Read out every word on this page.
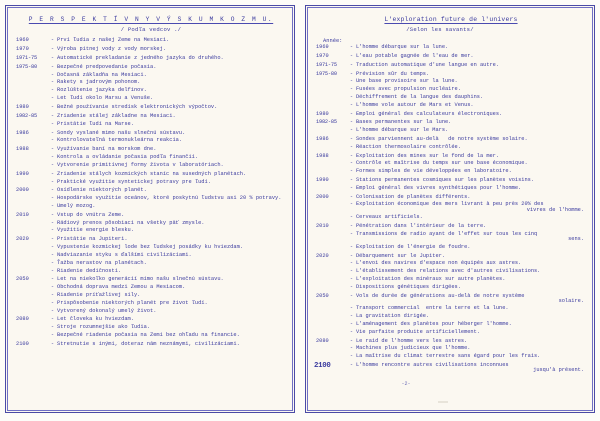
P E R S P E K T Í V N Y V Ý S K U M K O Z M U.
/ Podľa vedcov ./
1969	- Prví ľudia z našej Zeme na Mesiaci.
1970	- Výroba pitnej vody z vody morskej.
1971-75	- Automatické prekladanie z jedného jazyka do druhého.
1975-80	- Bezpečné predpovedanie počasia.
- Dočasná základňa na Mesiaci.
- Rakety s jadrovým pohonom.
- Rozlúštenie jazyka delfínov.
- Let ľudí okolo Marsu a Venuše.
1980	- Bežné používanie stredísk elektronických výpočtov.
1982-85	- Zriadenie stálej základne na Mesiaci.
- Pristátie ľudí na Marse.
1986	- Sondy vyslané mimo našu slnečnú sústavu.
- Kontrolovateľná termonukleárna reakcia.
1988	- Využívanie baní na morskom dne.
- Kontrola a ovládanie počasia podľa finančií.
- Vytvorenie primitívnej formy života v laboratóriach.
1990	- Zriadenie stálych kozmických staníc na susedných planétach.
- Praktické využitie syntetickej potravy pre ľudí.
2000	- Osídlenie niektorých planét.
- Hospodárske využitie oceánov, ktoré poskytnú ľudstvu asi 20 % potravy.
- Umelý mozog.
2010	- Vstup do vnútra Zeme.
- Rádiový prenos pôsobiaci na všetky päť zmysle.
- Využitie energie blesku.
2020	- Pristátie na Jupiteri.
- Vypustenie kozmickej lode bez ľudskej posádky ku hviezdam.
- Nadviazanie styku s ďalšími civilizáciami.
- Ťažba nerastov na planétach.
- Riadenie dedičnosti.
2050	- Let na niekoľko generácií mimo našu slnečnú sústavu.
- Obchodná doprava medzi Zemou a Mesiacom.
- Riadenie príťažlivej sily.
- Prispôsobenie niektorých planét pre život ľudí.
- Vytvorený dokonalý umelý život.
2080	- Let človeka ku hviezdam.
- Stroje rozumnejšie ako ľudia.
- Bezpečné riadenie počasia na Zemi bez ohľadu na financie.
2100	- Stretnutie s inými, doteraz nám neznámymi, civilizáciami.
L'exploration future de l'univers
/Selon les savants/
Année:
1969	- L'homme débarque sur la lune.
1970	- L'eau potable gagnée de l'eau de mer.
1971-75	- Traduction automatique d'une langue en autre.
1975-80	- Prévision sûr du temps.
- Une base provisoire sur la lune.
- Fusées avec propulsion nucléaire.
- Déchiffrement de la langue des dauphins.
- L'homme vole autour de Mars et Venus.
1980	- Emploi général des calculateurs électroniques.
1982-85	- Bases permanentes sur la lune.
- L'homme débarque sur le Mars.
1986	- Sondes parviennent au-delà   de notre système solaire.
- Réaction thermosolaire contrôlée.
1988	- Exploitation des mines sur le fond de la mer.
- Contrôle et maîtrise du temps sur une base économique.
- Formes simples de vie développées en laboratoire.
1990	- Stations permanentes cosmiques sur les planètes voisins.
- Emploi général des vivres synthétiques pour l'homme.
2000	- Colonisation de planètes différents.
- Exploitation économique des mers livrant à peu près 20% des
vivres de l'homme.
- Cerveaux artificiels.
2010	- Pénétration dans l'intérieur de la terre.
- Transmissions de radio ayant de l'effet sur tous les cinq
sens.
- Exploitation de l'énergie de foudre.
2020	- Débarquement sur le Jupiter.
- L'envoi des navires d'espace non équipés aux astres.
- L'établissement des relations avec d'autres civilisations.
- L'exploitation des minéraux sur autre planètes.
- Dispositions génétiques dirigées.
2050	- Vols de durée de générations au-delà de notre système
solaire.
- Transport commercial  entre la terre et la lune.
- La gravitation dirigée.
- L'aménagement des planètes pour héberger l'homme.
- Vie parfaite produite artificiellement.
2080	- Le raid de l'homme vers les astres.
- Machines plus judicieux que l'homme.
- La maîtrise du climat terrestre sans égard pour les frais.
2100	- L'homme rencontre autres civilisations inconnues
jusqu'à présent.
-2-
